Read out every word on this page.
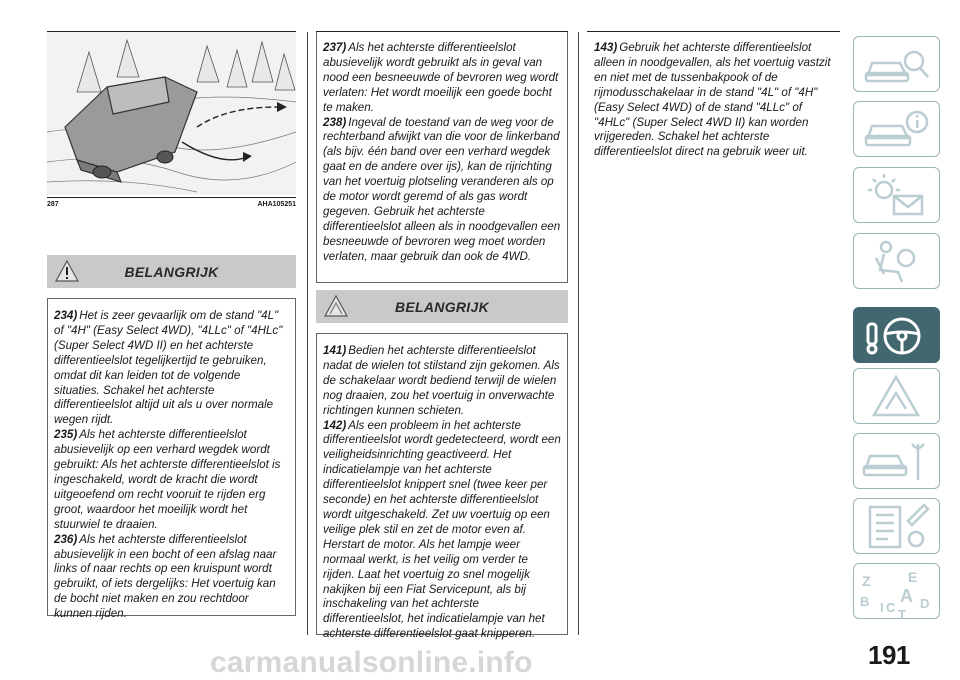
287	AHA105251
BELANGRIJK

234) Het is zeer gevaarlijk om de stand "4L" of "4H" (Easy Select 4WD), "4LLc" of "4HLc" (Super Select 4WD II) en het achterste differentieelslot tegelijkertijd te gebruiken, omdat dit kan leiden tot de volgende situaties. Schakel het achterste differentieelslot altijd uit als u over normale wegen rijdt.

235) Als het achterste differentieelslot abusievelijk op een verhard wegdek wordt gebruikt: Als het achterste differentieelslot is ingeschakeld, wordt de kracht die wordt uitgeoefend om recht vooruit te rijden erg groot, waardoor het moeilijk wordt het stuurwiel te draaien.

236) Als het achterste differentieelslot abusievelijk in een bocht of een afslag naar links of naar rechts op een kruispunt wordt gebruikt, of iets dergelijks: Het voertuig kan de bocht niet maken en zou rechtdoor kunnen rijden.

237) Als het achterste differentieelslot abusievelijk wordt gebruikt als in geval van nood een besneeuwde of bevroren weg wordt verlaten: Het wordt moeilijk een goede bocht te maken.

238) Ingeval de toestand van de weg voor de rechterband afwijkt van die voor de linkerband (als bijv. één band over een verhard wegdek gaat en de andere over ijs), kan de rijrichting van het voertuig plotseling veranderen als op de motor wordt geremd of als gas wordt gegeven. Gebruik het achterste differentieelslot alleen als in noodgevallen een besneeuwde of bevroren weg moet worden verlaten, maar gebruik dan ook de 4WD.

BELANGRIJK

141) Bedien het achterste differentieelslot nadat de wielen tot stilstand zijn gekomen. Als de schakelaar wordt bediend terwijl de wielen nog draaien, zou het voertuig in onverwachte richtingen kunnen schieten.

142) Als een probleem in het achterste differentieelslot wordt gedetecteerd, wordt een veiligheidsinrichting geactiveerd. Het indicatielampje van het achterste differentieelslot knippert snel (twee keer per seconde) en het achterste differentieelslot wordt uitgeschakeld. Zet uw voertuig op een veilige plek stil en zet de motor even af. Herstart de motor. Als het lampje weer normaal werkt, is het veilig om verder te rijden. Laat het voertuig zo snel mogelijk nakijken bij een Fiat Servicepunt, als bij inschakeling van het achterste differentieelslot, het indicatielampje van het achterste differentieelslot gaat knipperen.

143) Gebruik het achterste differentieelslot alleen in noodgevallen, als het voertuig vastzit en niet met de tussenbakpook of de rijmodusschakelaar in de stand "4L" of "4H" (Easy Select 4WD) of de stand "4LLc" of "4HLc" (Super Select 4WD II) kan worden vrijgereden. Schakel het achterste differentieelslot direct na gebruik weer uit.

Z	E
B I C
A D
T
191
carmanualsonline.info
